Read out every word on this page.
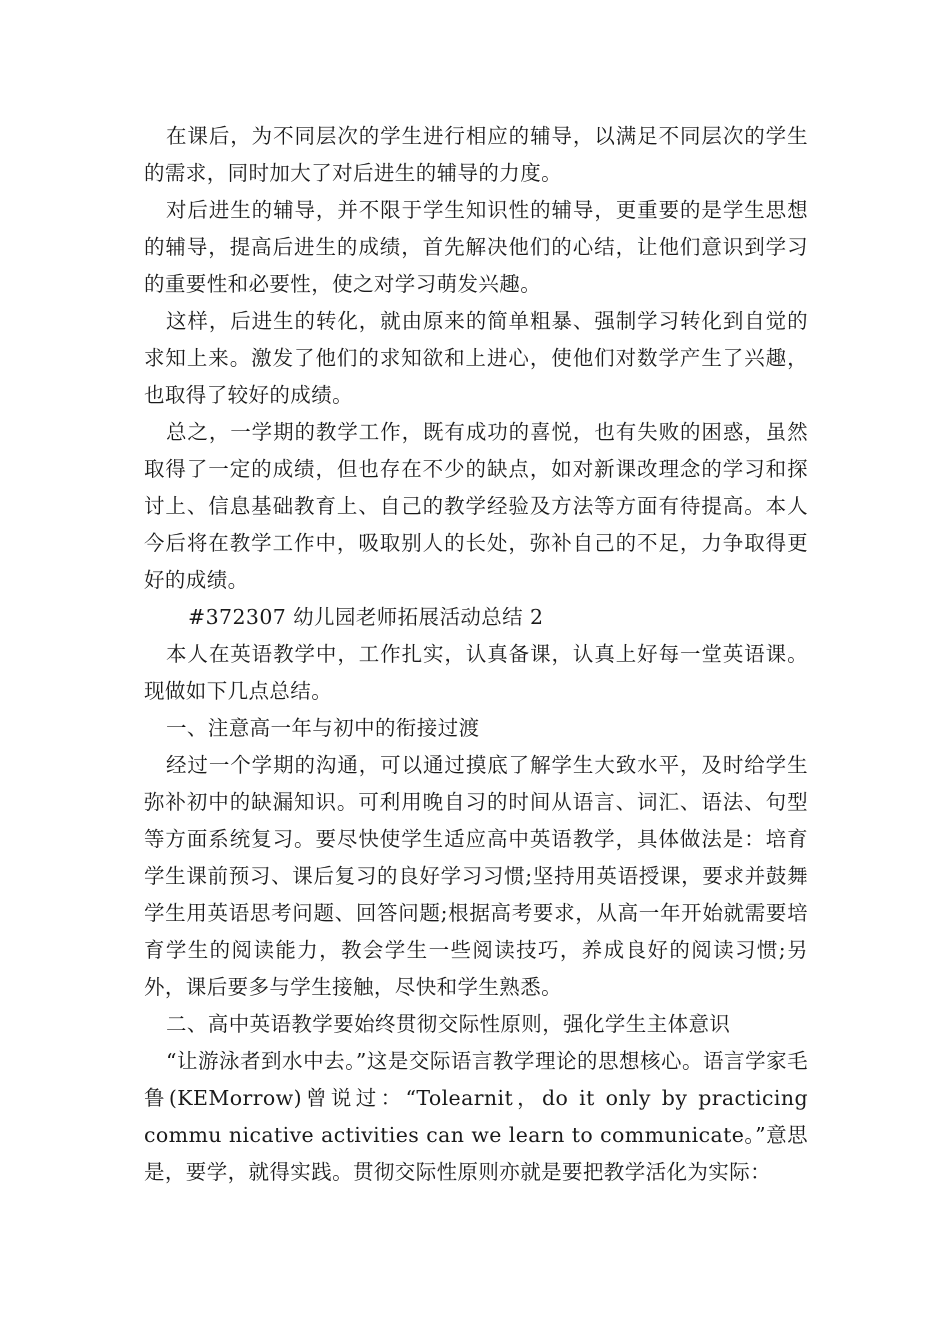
在课后，为不同层次的学生进行相应的辅导，以满足不同层次的学生的需求，同时加大了对后进生的辅导的力度。

对后进生的辅导，并不限于学生知识性的辅导，更重要的是学生思想的辅导，提高后进生的成绩，首先解决他们的心结，让他们意识到学习的重要性和必要性，使之对学习萌发兴趣。

这样，后进生的转化，就由原来的简单粗暴、强制学习转化到自觉的求知上来。激发了他们的求知欲和上进心，使他们对数学产生了兴趣，也取得了较好的成绩。

总之，一学期的教学工作，既有成功的喜悦，也有失败的困惑，虽然取得了一定的成绩，但也存在不少的缺点，如对新课改理念的学习和探讨上、信息基础教育上、自己的教学经验及方法等方面有待提高。本人今后将在教学工作中，吸取别人的长处，弥补自己的不足，力争取得更好的成绩。

#372307 幼儿园老师拓展活动总结 2

本人在英语教学中，工作扎实，认真备课，认真上好每一堂英语课。现做如下几点总结。

一、注意高一年与初中的衔接过渡

经过一个学期的沟通，可以通过摸底了解学生大致水平，及时给学生弥补初中的缺漏知识。可利用晚自习的时间从语言、词汇、语法、句型等方面系统复习。要尽快使学生适应高中英语教学，具体做法是：培育学生课前预习、课后复习的良好学习习惯;坚持用英语授课，要求并鼓舞学生用英语思考问题、回答问题;根据高考要求，从高一年开始就需要培育学生的阅读能力，教会学生一些阅读技巧，养成良好的阅读习惯;另外，课后要多与学生接触，尽快和学生熟悉。

二、高中英语教学要始终贯彻交际性原则，强化学生主体意识

“让游泳者到水中去。”这是交际语言教学理论的思想核心。语言学家毛鲁(KEMorrow)曾说过：“Tolearnit，do it only by practicing commu nicative activities can we learn to communicate。”意思是，要学，就得实践。贯彻交际性原则亦就是要把教学活化为实际：
